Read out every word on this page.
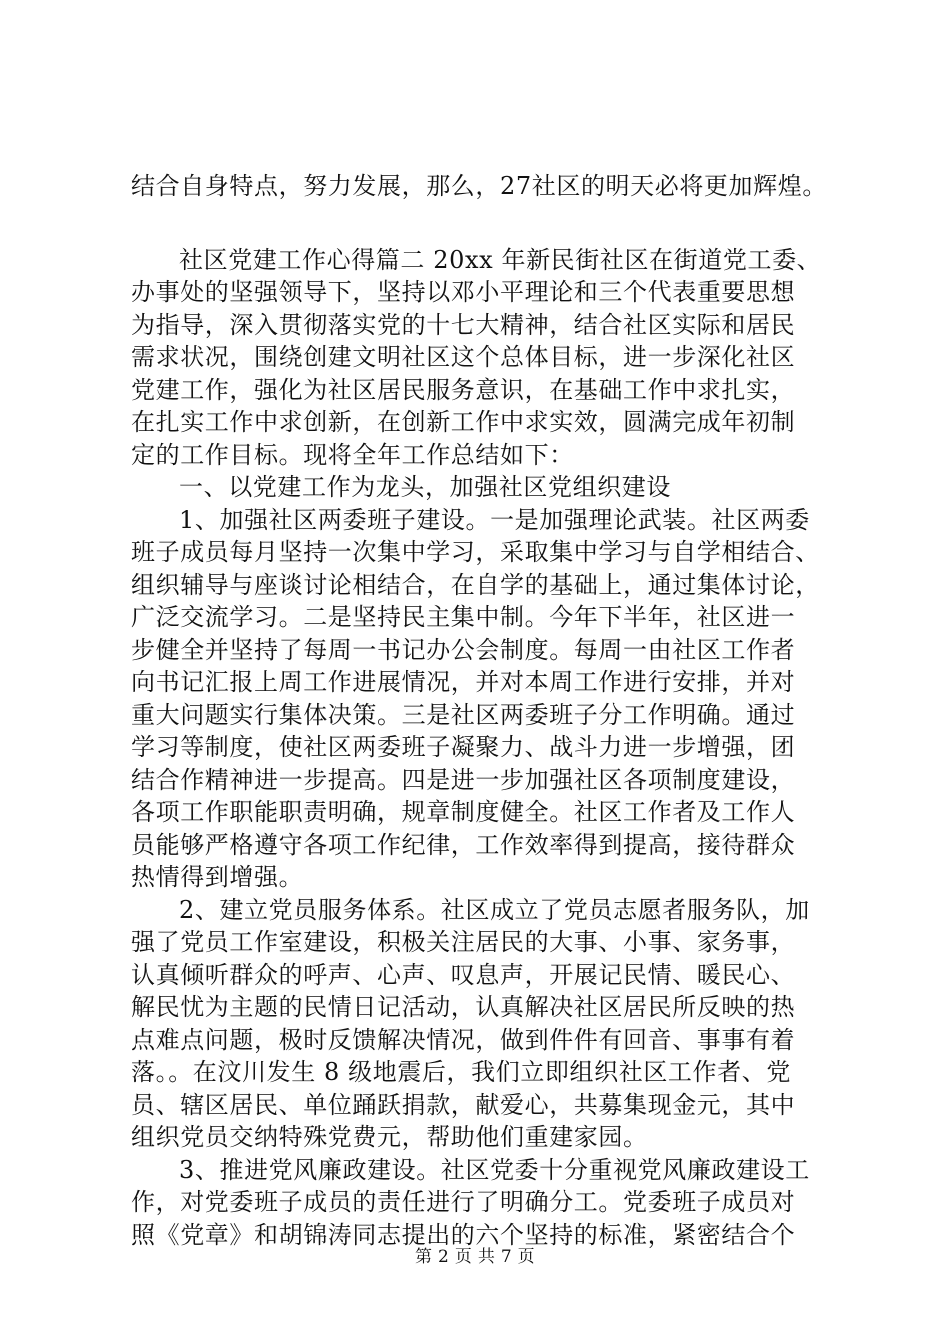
结合自身特点，努力发展，那么，27社区的明天必将更加辉煌。
社区党建工作心得篇二 20xx 年新民街社区在街道党工委、
办事处的坚强领导下，坚持以邓小平理论和三个代表重要思想
为指导，深入贯彻落实党的十七大精神，结合社区实际和居民
需求状况，围绕创建文明社区这个总体目标，进一步深化社区
党建工作，强化为社区居民服务意识，在基础工作中求扎实，
在扎实工作中求创新，在创新工作中求实效，圆满完成年初制
定的工作目标。现将全年工作总结如下：
一、以党建工作为龙头，加强社区党组织建设
1、加强社区两委班子建设。一是加强理论武装。社区两委
班子成员每月坚持一次集中学习，采取集中学习与自学相结合、
组织辅导与座谈讨论相结合，在自学的基础上，通过集体讨论，
广泛交流学习。二是坚持民主集中制。今年下半年，社区进一
步健全并坚持了每周一书记办公会制度。每周一由社区工作者
向书记汇报上周工作进展情况，并对本周工作进行安排，并对
重大问题实行集体决策。三是社区两委班子分工作明确。通过
学习等制度，使社区两委班子凝聚力、战斗力进一步增强，团
结合作精神进一步提高。四是进一步加强社区各项制度建设，
各项工作职能职责明确，规章制度健全。社区工作者及工作人
员能够严格遵守各项工作纪律，工作效率得到提高，接待群众
热情得到增强。
2、建立党员服务体系。社区成立了党员志愿者服务队，加
强了党员工作室建设，积极关注居民的大事、小事、家务事，
认真倾听群众的呼声、心声、叹息声，开展记民情、暖民心、
解民忧为主题的民情日记活动，认真解决社区居民所反映的热
点难点问题，极时反馈解决情况，做到件件有回音、事事有着
落。。在汶川发生 8 级地震后，我们立即组织社区工作者、党
员、辖区居民、单位踊跃捐款，献爱心，共募集现金元，其中
组织党员交纳特殊党费元，帮助他们重建家园。
3、推进党风廉政建设。社区党委十分重视党风廉政建设工
作，对党委班子成员的责任进行了明确分工。党委班子成员对
照《党章》和胡锦涛同志提出的六个坚持的标准，紧密结合个
第 2 页 共 7 页
